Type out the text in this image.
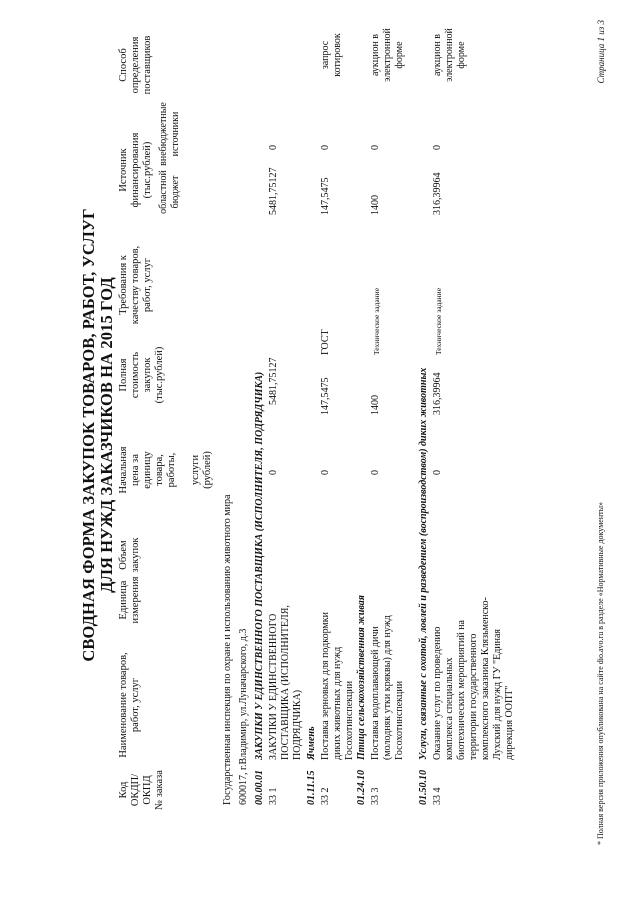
СВОДНАЯ ФОРМА ЗАКУПОК ТОВАРОВ, РАБОТ, УСЛУГ ДЛЯ НУЖД ЗАКАЗЧИКОВ НА 2015 ГОД
Код ОКДП/ ОКПД № заказа
Наименование товаров, работ, услуг
Единица измерения
Объем закупок
Начальная цена за единицу товара, работы, услуги (рублей)
Полная стоимость закупок (тыс.рублей)
Требования к качеству товаров, работ, услуг
Источник финансирования (тыс.рублей) областной бюджет
внебюджетные источники
Способ определения поставщиков
Государственная инспекция по охране и использованию животного мира 600017, г.Владимир, ул.Луначарского, д.3 00.00.01
ЗАКУПКИ У ЕДИНСТВЕННОГО ПОСТАВЩИКА (ИСПОЛНИТЕЛЯ, ПОДРЯДЧИКА)
33 1
ЗАКУПКИ У ЕДИНСТВЕННОГО ПОСТАВЩИКА (ИСПОЛНИТЕЛЯ, ПОДРЯДЧИКА)
0
5481,75127
5481,75127
0
01.11.15
Ячмень
33 2
Поставка зерновых для подкормки диких животных для нужд Госохотинспекции
0
147,5475
ГОСТ
147,5475
0
запрос котировок
01.24.10
Птица сельскохозяйственная живая
33 3
Поставка водоплавающей дичи (молодняк утки кряквы) для нужд Госохотинспекции
0
1400
Техническое задание
1400
0
аукцион в электронной форме
01.50.10
Услуги, связанные с охотой, ловлей и разведением (воспроизводством) диких животных
33 4
Оказание услуг по проведению комплекса специальных биотехнических мероприятий на территории государственного комплексного заказника Клязьменско- Лухский для нужд ГУ "Единая дирекция ООПТ"
0
316,39964
Техническое задание
316,39964
0
аукцион в электронной форме
* Полная версия приложения опубликована на сайте dio.avo.ru в разделе «Нормативные документы»
Страница 1 из 3
